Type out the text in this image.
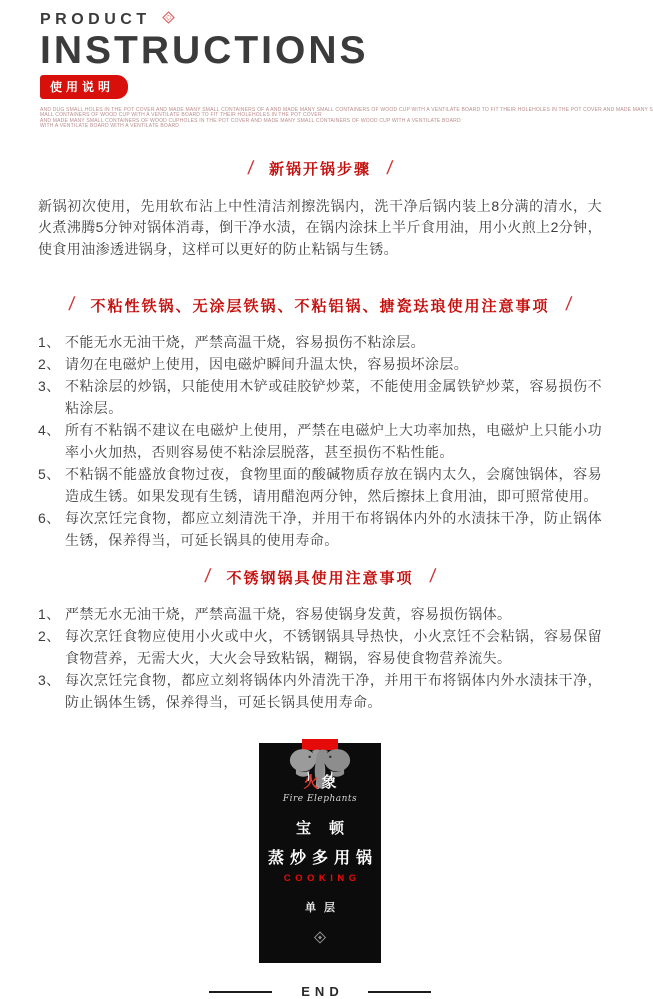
PRODUCT
INSTRUCTIONS
使用说明
AND DUG SMALL HOLES IN THE POT COVER AND MADE MANY SMALL CONTAINERS OF A AND MADE MANY SMALL CONTAINERS OF WOOD CUP WITH A VENTILATE BOARD TO FIT THEIR HOLEHOLES IN THE POT COVER AND MADE MANY S
MALL CONTAINERS OF WOOD CUP WITH A VENTILATE BOARD TO FIT THEIR HOLEHOLES IN THE POT COVER
AND MADE MANY SMALL CONTAINERS OF WOOD CUPHOLES IN THE POT COVER AND MADE MANY SMALL CONTAINERS OF WOOD CUP WITH A VENTILATE BOARD
WITH A VENTILATE BOARD WITH A VENTILATE BOARD
/ 新锅开锅步骤 /
新锅初次使用，先用软布沾上中性清洁剂擦洗锅内，洗干净后锅内装上8分满的清水，大火煮沸腾5分钟对锅体消毒，倒干净水渍，在锅内涂抹上半斤食用油，用小火煎上2分钟，使食用油渗透进锅身，这样可以更好的防止粘锅与生锈。
/ 不粘性铁锅、无涂层铁锅、不粘铝锅、搪瓷珐琅使用注意事项 /
1、 不能无水无油干烧，严禁高温干烧，容易损伤不粘涂层。
2、 请勿在电磁炉上使用，因电磁炉瞬间升温太快，容易损坏涂层。
3、 不粘涂层的炒锅，只能使用木铲或硅胶铲炒菜，不能使用金属铁铲炒菜，容易损伤不粘涂层。
4、 所有不粘锅不建议在电磁炉上使用，严禁在电磁炉上大功率加热，电磁炉上只能小功率小火加热，否则容易使不粘涂层脱落，甚至损伤不粘性能。
5、 不粘锅不能盛放食物过夜，食物里面的酸碱物质存放在锅内太久，会腐蚀锅体，容易造成生锈。如果发现有生锈，请用醋泡两分钟，然后擦抹上食用油，即可照常使用。
6、 每次烹饪完食物，都应立刻清洗干净，并用干布将锅体内外的水渍抹干净，防止锅体生锈，保养得当，可延长锅具的使用寿命。
/ 不锈钢锅具使用注意事项 /
1、 严禁无水无油干烧，严禁高温干烧，容易使锅身发黄，容易损伤锅体。
2、 每次烹饪食物应使用小火或中火，不锈钢锅具导热快，小火烹饪不会粘锅，容易保留食物营养，无需大火，大火会导致粘锅，糊锅，容易使食物营养流失。
3、 每次烹饪完食物，都应立刻将锅体内外清洗干净，并用干布将锅体内外水渍抹干净，防止锅体生锈，保养得当，可延长锅具使用寿命。
火象
Fire Elephants
宝顿
蒸炒多用锅
COOKING
单层
END
